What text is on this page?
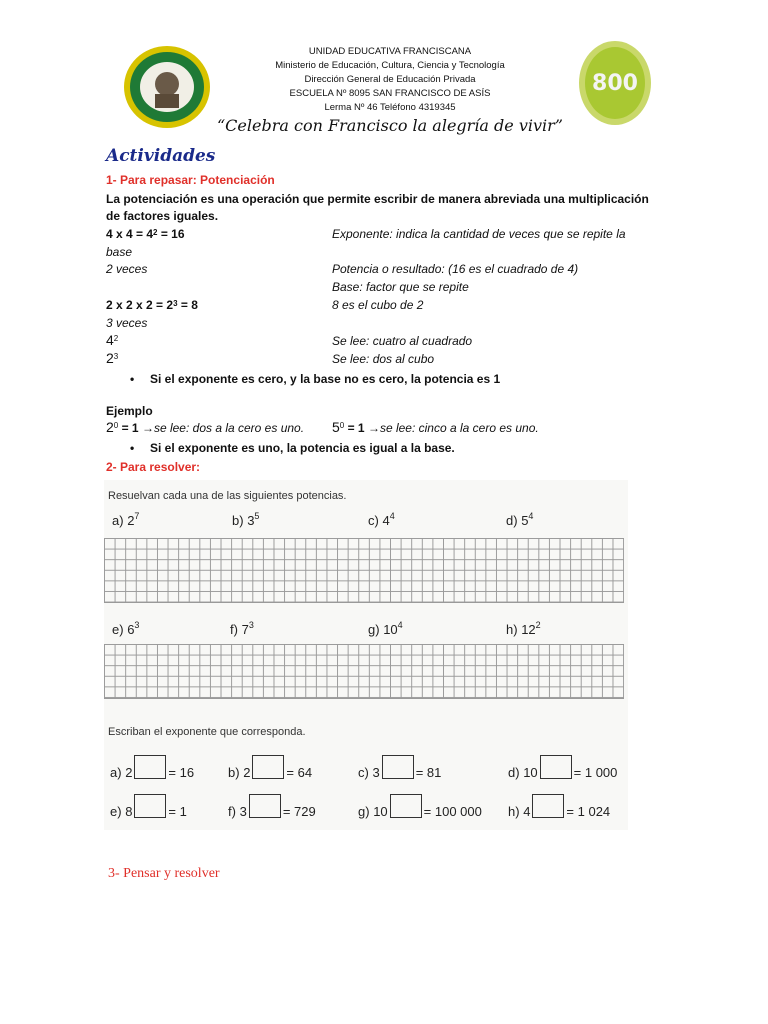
800
UNIDAD EDUCATIVA FRANCISCANA
Ministerio de Educación, Cultura, Ciencia y Tecnología
Dirección General de Educación Privada
ESCUELA Nº 8095 SAN FRANCISCO DE ASÍS
Lerma Nº 46 Teléfono 4319345
“Celebra con Francisco la alegría de vivir”
Actividades
1- Para repasar: Potenciación
La potenciación es una operación que permite escribir de manera abreviada una multiplicación de factores iguales.
4 x $4 = 4^2 = 16$	Exponente: indica la cantidad de veces que se repite la
base
2 veces	Potencia o resultado: (16 es el cuadrado de 4)
Base: factor que se repite
2 x 2 x $2 = 2^3 = 8$	8 es el cubo de 2
3 veces
$4^2$	Se lee: cuatro al cuadrado
$2^3$	Se lee: dos al cubo
• Si el exponente es cero, y la base no es cero, la potencia es 1
Ejemplo
$2^0 = 1 \to se$ lee: dos a la cero es uno. $5^0 = 1 \to se$ lee: cinco a la cero es uno.
• Si el exponente es uno, la potencia es igual a la base.
2- Para resolver:
Resuelvan cada una de las siguientes potencias.
a) $2^7$	b) $3^5$	c) $4^4$	d) $5^4$
e) $6^3$	f) $7^3$	g) $10^4$	h) $12^2$
Escriban el exponente que corresponda.
a) 2	= 16	b) 2	= 64	c) 3	= 81	d) 10	= 1 000
e) 8	= 1	f) 3	= 729	g) 10	= 100 000 h) 4	= 1 024
3- Pensar y resolver
